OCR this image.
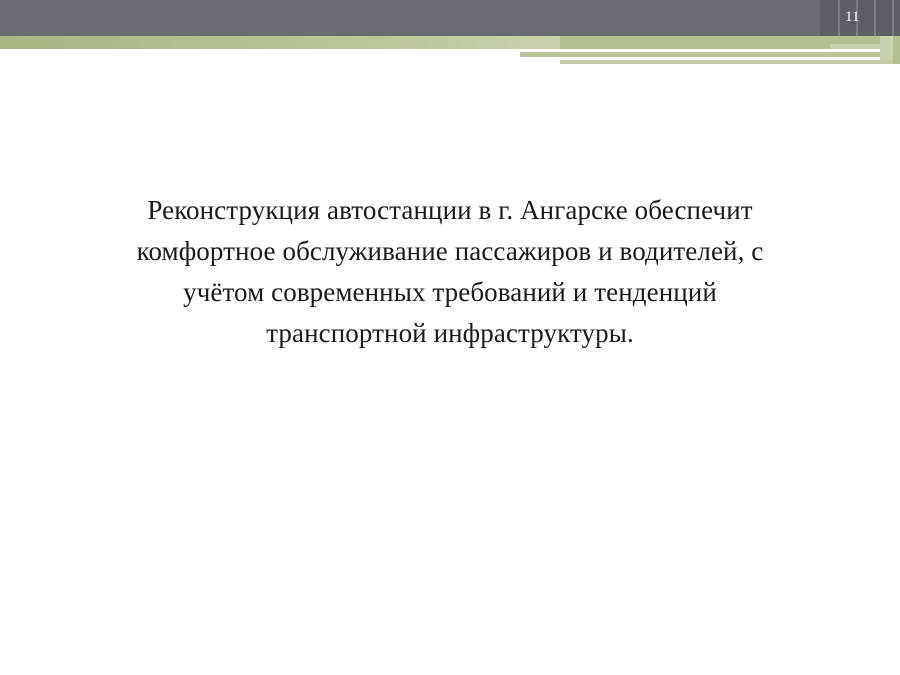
11

Реконструкция автостанции в г. Ангарске обеспечит комфортное обслуживание пассажиров и водителей, с учётом современных требований и тенденций транспортной инфраструктуры.
